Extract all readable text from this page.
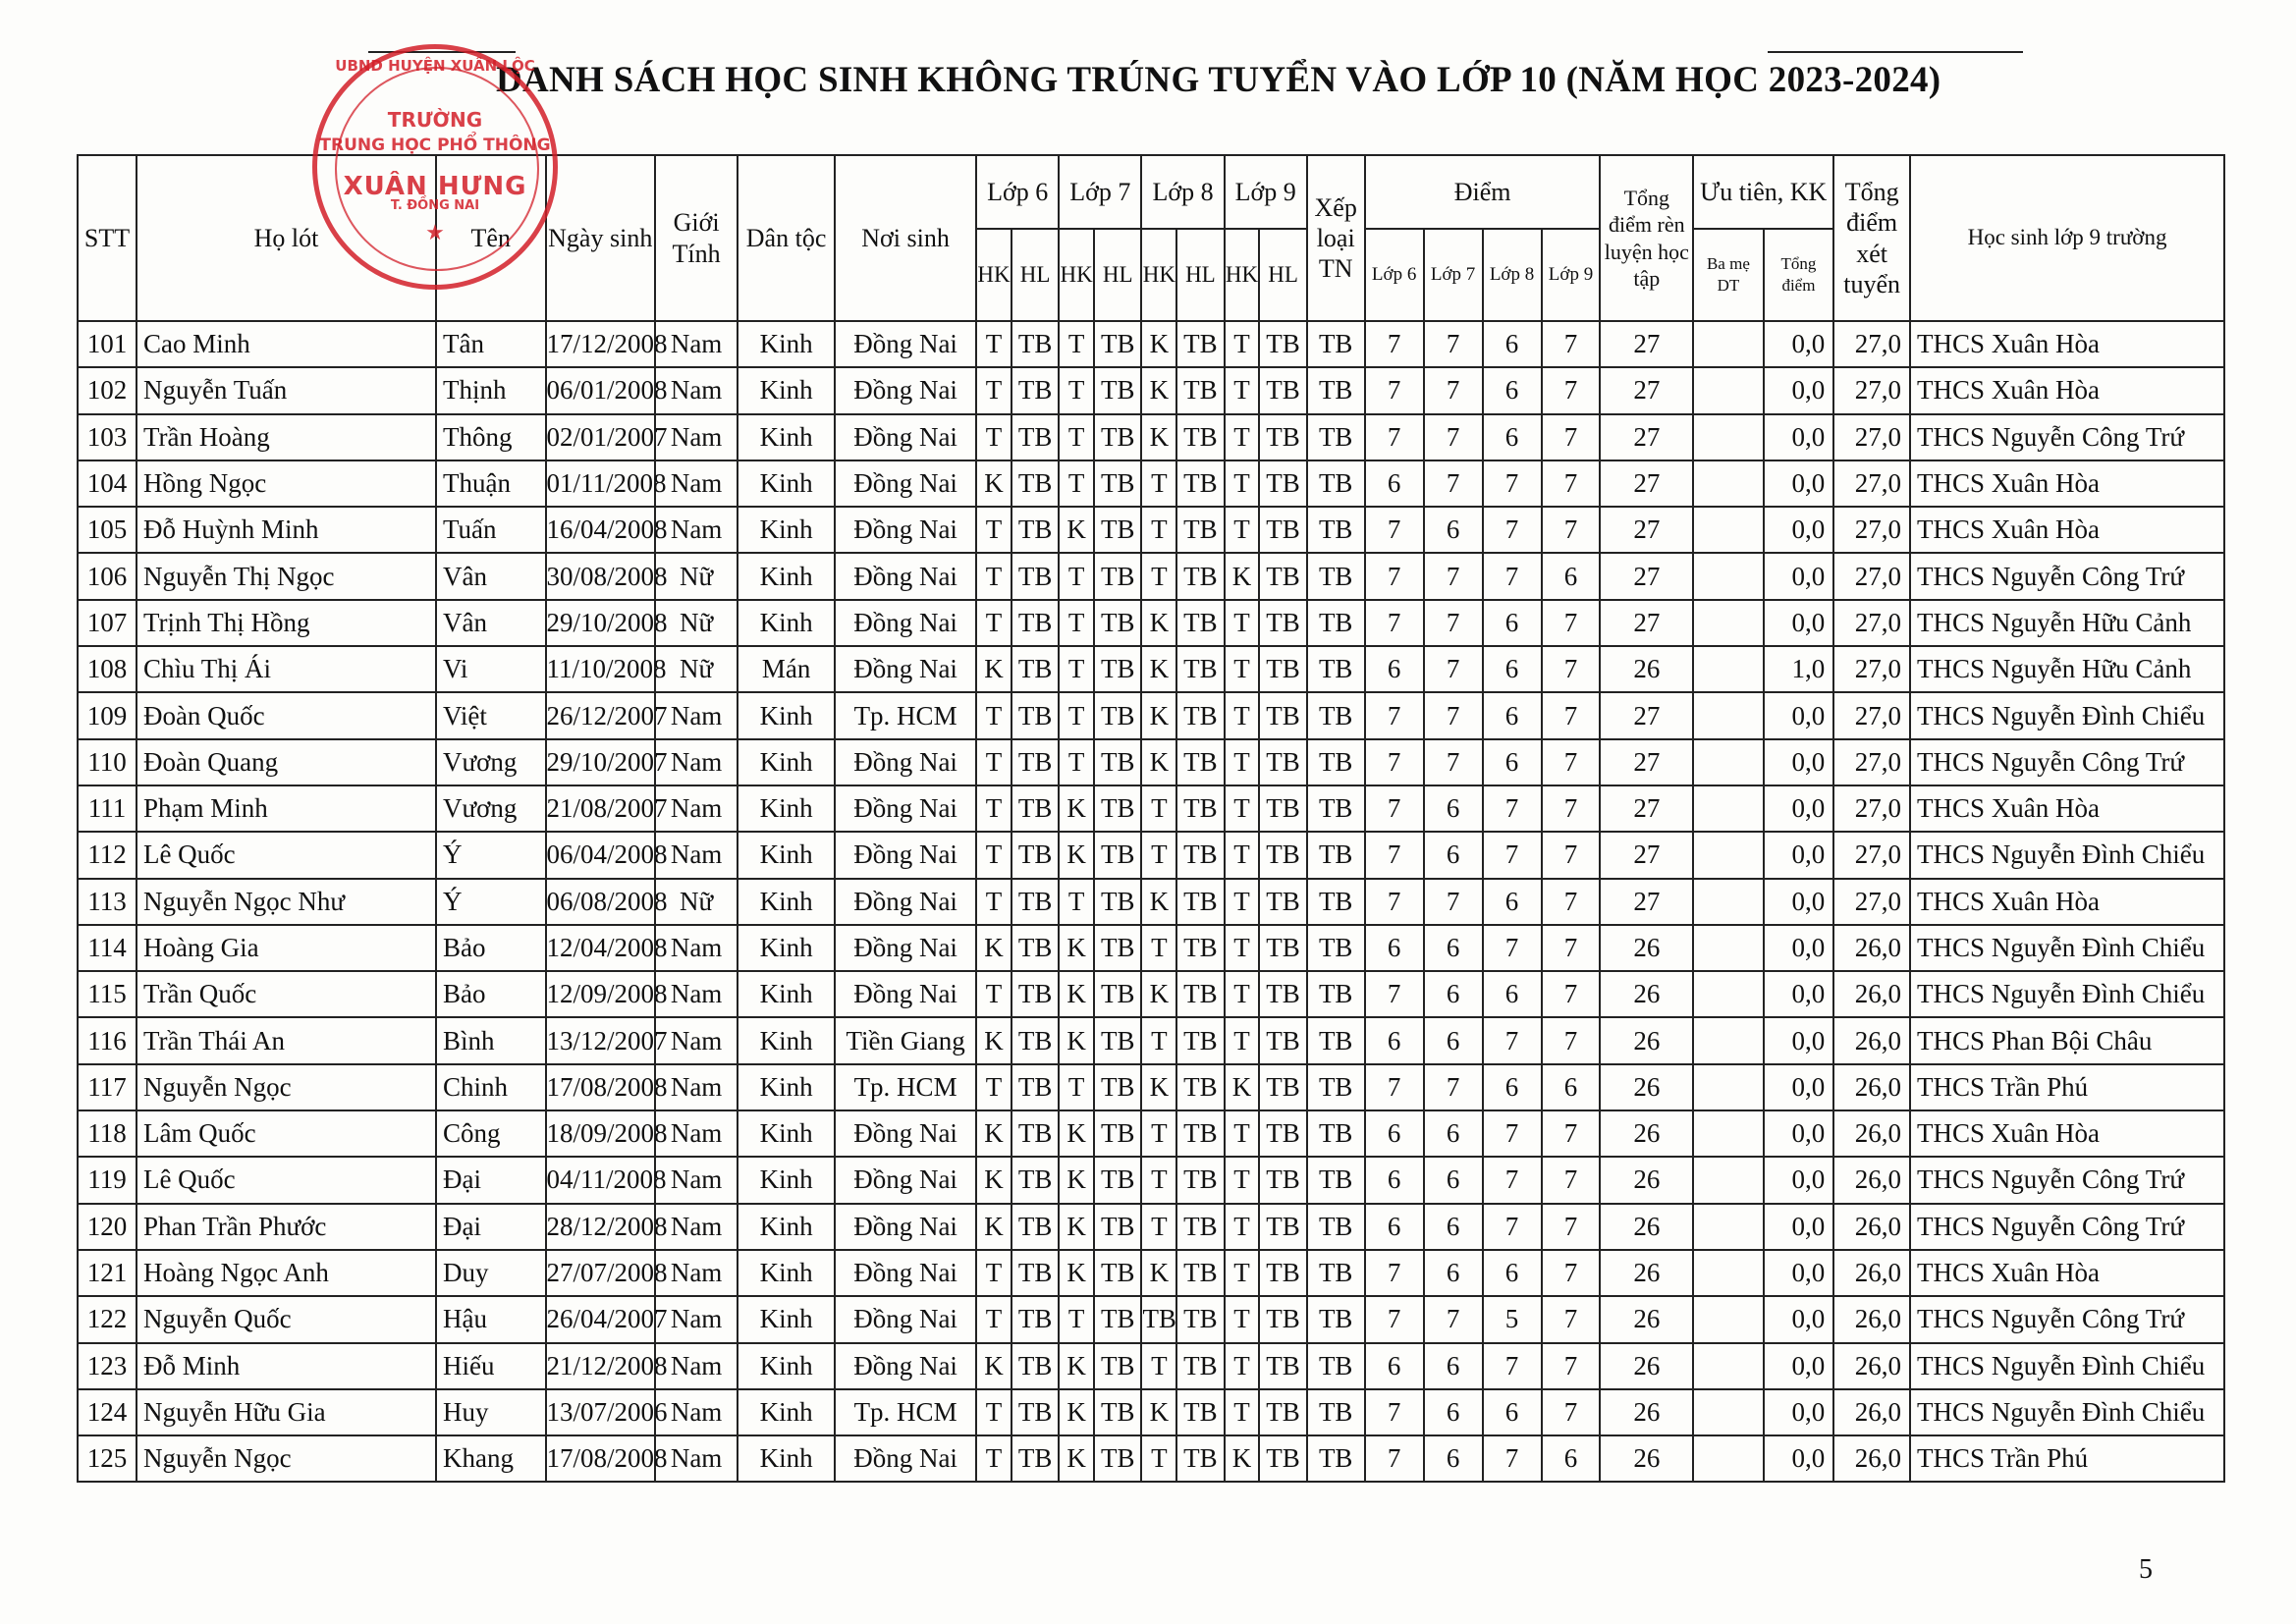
DANH SÁCH HỌC SINH KHÔNG TRÚNG TUYỂN VÀO LỚP 10 (NĂM HỌC 2023-2024)
STT	Họ lót	Tên	Ngày sinh	Giới Tính	Dân tộc	Nơi sinh	Lớp 6		Lớp 7		Lớp 8		Lớp 9		Xếp loại TN	Điểm				Tổng điểm rèn luyện học tập	Ưu tiên, KK		Tổng điểm xét tuyển	Học sinh lớp 9 trường
							HK	HL	HK	HL	HK	HL	HK	HL		Lớp 6	Lớp 7	Lớp 8	Lớp 9		Ba mẹ DT	Tổng điểm		
101	Cao Minh	Tân	17/12/2008	Nam	Kinh	Đồng Nai	T	TB	T	TB	K	TB	T	TB	TB	7	7	6	7	27		0,0	27,0	THCS Xuân Hòa
102	Nguyễn Tuấn	Thịnh	06/01/2008	Nam	Kinh	Đồng Nai	T	TB	T	TB	K	TB	T	TB	TB	7	7	6	7	27		0,0	27,0	THCS Xuân Hòa
103	Trần Hoàng	Thông	02/01/2007	Nam	Kinh	Đồng Nai	T	TB	T	TB	K	TB	T	TB	TB	7	7	6	7	27		0,0	27,0	THCS Nguyễn Công Trứ
104	Hồng Ngọc	Thuận	01/11/2008	Nam	Kinh	Đồng Nai	K	TB	T	TB	T	TB	T	TB	TB	6	7	7	7	27		0,0	27,0	THCS Xuân Hòa
105	Đỗ Huỳnh Minh	Tuấn	16/04/2008	Nam	Kinh	Đồng Nai	T	TB	K	TB	T	TB	T	TB	TB	7	6	7	7	27		0,0	27,0	THCS Xuân Hòa
106	Nguyễn Thị Ngọc	Vân	30/08/2008	Nữ	Kinh	Đồng Nai	T	TB	T	TB	T	TB	K	TB	TB	7	7	7	6	27		0,0	27,0	THCS Nguyễn Công Trứ
107	Trịnh Thị Hồng	Vân	29/10/2008	Nữ	Kinh	Đồng Nai	T	TB	T	TB	K	TB	T	TB	TB	7	7	6	7	27		0,0	27,0	THCS Nguyễn Hữu Cảnh
108	Chìu Thị Ái	Vi	11/10/2008	Nữ	Mán	Đồng Nai	K	TB	T	TB	K	TB	T	TB	TB	6	7	6	7	26		1,0	27,0	THCS Nguyễn Hữu Cảnh
109	Đoàn Quốc	Việt	26/12/2007	Nam	Kinh	Tp. HCM	T	TB	T	TB	K	TB	T	TB	TB	7	7	6	7	27		0,0	27,0	THCS Nguyễn Đình Chiểu
110	Đoàn Quang	Vương	29/10/2007	Nam	Kinh	Đồng Nai	T	TB	T	TB	K	TB	T	TB	TB	7	7	6	7	27		0,0	27,0	THCS Nguyễn Công Trứ
111	Phạm Minh	Vương	21/08/2007	Nam	Kinh	Đồng Nai	T	TB	K	TB	T	TB	T	TB	TB	7	6	7	7	27		0,0	27,0	THCS Xuân Hòa
112	Lê Quốc	Ý	06/04/2008	Nam	Kinh	Đồng Nai	T	TB	K	TB	T	TB	T	TB	TB	7	6	7	7	27		0,0	27,0	THCS Nguyễn Đình Chiểu
113	Nguyễn Ngọc Như	Ý	06/08/2008	Nữ	Kinh	Đồng Nai	T	TB	T	TB	K	TB	T	TB	TB	7	7	6	7	27		0,0	27,0	THCS Xuân Hòa
114	Hoàng Gia	Bảo	12/04/2008	Nam	Kinh	Đồng Nai	K	TB	K	TB	T	TB	T	TB	TB	6	6	7	7	26		0,0	26,0	THCS Nguyễn Đình Chiểu
115	Trần Quốc	Bảo	12/09/2008	Nam	Kinh	Đồng Nai	T	TB	K	TB	K	TB	T	TB	TB	7	6	6	7	26		0,0	26,0	THCS Nguyễn Đình Chiểu
116	Trần Thái An	Bình	13/12/2007	Nam	Kinh	Tiền Giang	K	TB	K	TB	T	TB	T	TB	TB	6	6	7	7	26		0,0	26,0	THCS Phan Bội Châu
117	Nguyễn Ngọc	Chinh	17/08/2008	Nam	Kinh	Tp. HCM	T	TB	T	TB	K	TB	K	TB	TB	7	7	6	6	26		0,0	26,0	THCS Trần Phú
118	Lâm Quốc	Công	18/09/2008	Nam	Kinh	Đồng Nai	K	TB	K	TB	T	TB	T	TB	TB	6	6	7	7	26		0,0	26,0	THCS Xuân Hòa
119	Lê Quốc	Đại	04/11/2008	Nam	Kinh	Đồng Nai	K	TB	K	TB	T	TB	T	TB	TB	6	6	7	7	26		0,0	26,0	THCS Nguyễn Công Trứ
120	Phan Trần Phước	Đại	28/12/2008	Nam	Kinh	Đồng Nai	K	TB	K	TB	T	TB	T	TB	TB	6	6	7	7	26		0,0	26,0	THCS Nguyễn Công Trứ
121	Hoàng Ngọc Anh	Duy	27/07/2008	Nam	Kinh	Đồng Nai	T	TB	K	TB	K	TB	T	TB	TB	7	6	6	7	26		0,0	26,0	THCS Xuân Hòa
122	Nguyễn Quốc	Hậu	26/04/2007	Nam	Kinh	Đồng Nai	T	TB	T	TB	TB	TB	T	TB	TB	7	7	5	7	26		0,0	26,0	THCS Nguyễn Công Trứ
123	Đỗ Minh	Hiếu	21/12/2008	Nam	Kinh	Đồng Nai	K	TB	K	TB	T	TB	T	TB	TB	6	6	7	7	26		0,0	26,0	THCS Nguyễn Đình Chiểu
124	Nguyễn Hữu Gia	Huy	13/07/2006	Nam	Kinh	Tp. HCM	T	TB	K	TB	K	TB	T	TB	TB	7	6	6	7	26		0,0	26,0	THCS Nguyễn Đình Chiểu
125	Nguyễn Ngọc	Khang	17/08/2008	Nam	Kinh	Đồng Nai	T	TB	K	TB	T	TB	K	TB	TB	7	6	7	6	26		0,0	26,0	THCS Trần Phú
UBND HUYỆN XUÂN LỘC
TRƯỜNG
TRUNG HỌC PHỔ THÔNG
XUÂN HƯNG
T. ĐỒNG NAI
★
5
